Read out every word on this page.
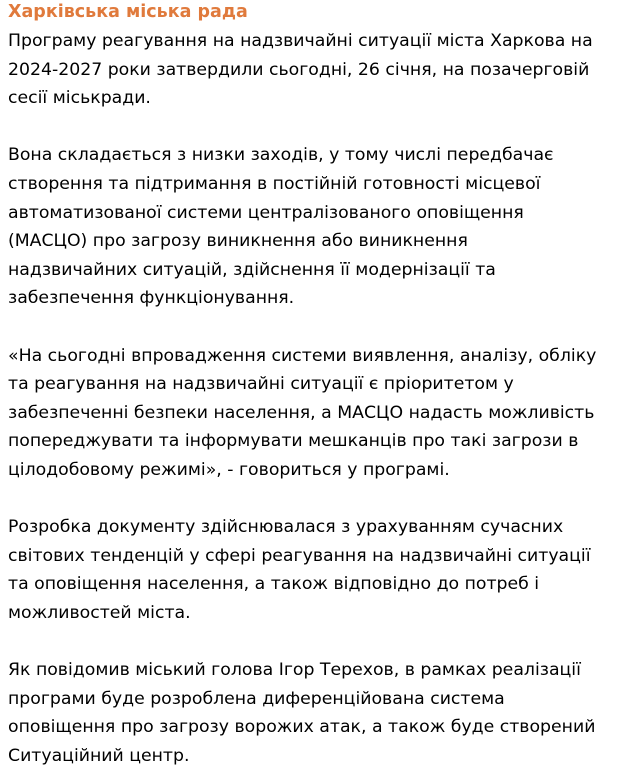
Харківська міська рада
Програму реагування на надзвичайні ситуації міста Харкова на
2024-2027 роки затвердили сьогодні, 26 січня, на позачерговій
сесії міськради.
Вона складається з низки заходів, у тому числі передбачає
створення та підтримання в постійній готовності місцевої
автоматизованої системи централізованого оповіщення
(МАСЦО) про загрозу виникнення або виникнення
надзвичайних ситуацій, здійснення її модернізації та
забезпечення функціонування.
«На сьогодні впровадження системи виявлення, аналізу, обліку
та реагування на надзвичайні ситуації є пріоритетом у
забезпеченні безпеки населення, а МАСЦО надасть можливість
попереджувати та інформувати мешканців про такі загрози в
цілодобовому режимі», - говориться у програмі.
Розробка документу здійснювалася з урахуванням сучасних
світових тенденцій у сфері реагування на надзвичайні ситуації
та оповіщення населення, а також відповідно до потреб і
можливостей міста.
Як повідомив міський голова Ігор Терехов, в рамках реалізації
програми буде розроблена диференційована система
оповіщення про загрозу ворожих атак, а також буде створений
Ситуаційний центр.
